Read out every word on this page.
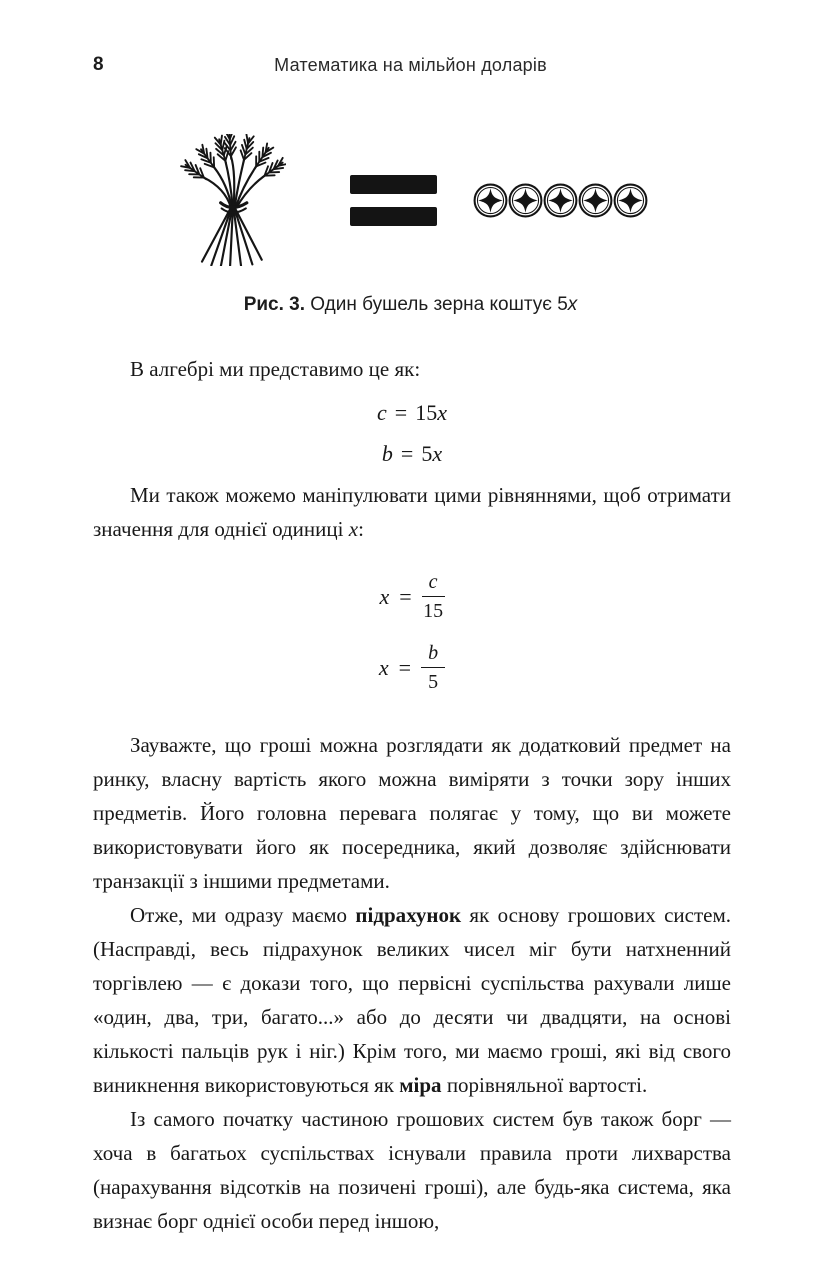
8	Математика на мільйон доларів
Рис. 3. Один бушель зерна коштує 5x

В алгебрі ми представимо це як:

c = 15x
b = 5x

Ми також можемо маніпулювати цими рівняннями, щоб отримати значення для однієї одиниці x:

$x = \frac{c}{15}$
$x = \frac{b}{5}$

Зауважте, що гроші можна розглядати як додатковий предмет на ринку, власну вартість якого можна виміряти з точки зору інших предметів. Його головна перевага полягає у тому, що ви можете використовувати його як посередника, який дозволяє здійснювати транзакції з іншими предметами.

Отже, ми одразу маємо підрахунок як основу грошових систем. (Насправді, весь підрахунок великих чисел міг бути натхненний торгівлею — є докази того, що первісні суспільства рахували лише «один, два, три, багато...» або до десяти чи двадцяти, на основі кількості пальців рук і ніг.) Крім того, ми маємо гроші, які від свого виникнення використовуються як міра порівняльної вартості.

Із самого початку частиною грошових систем був також борг — хоча в багатьох суспільствах існували правила проти лихварства (нарахування відсотків на позичені гроші), але будь-яка система, яка визнає борг однієї особи перед іншою,
